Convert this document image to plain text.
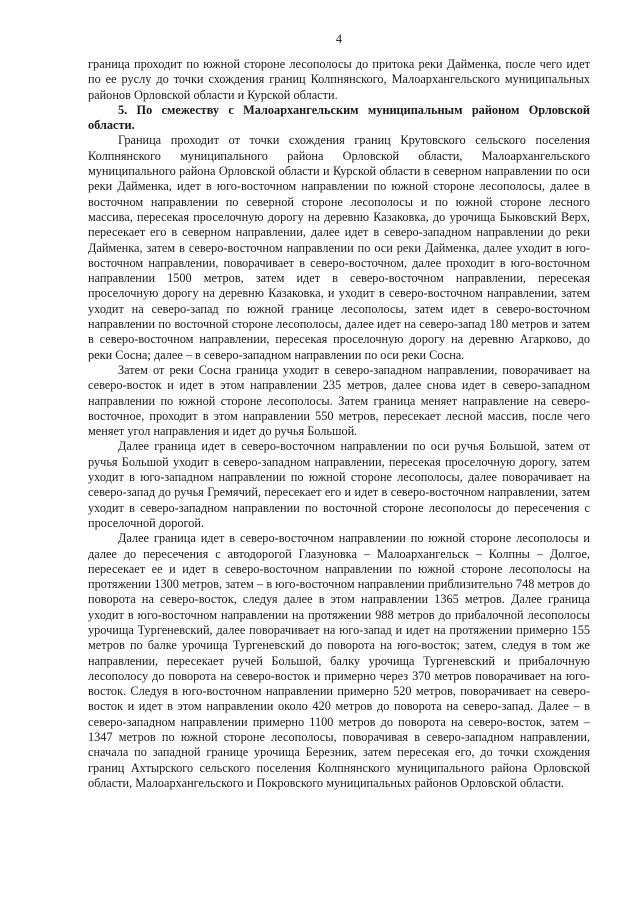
4

граница проходит по южной стороне лесополосы до притока реки Дайменка, после чего идет по ее руслу до точки схождения границ Колпнянского, Малоархангельского муниципальных районов Орловской области и Курской области.

5. По смежеству с Малоархангельским муниципальным районом Орловской области.

Граница проходит от точки схождения границ Крутовского сельского поселения Колпнянского муниципального района Орловской области, Малоархангельского муниципального района Орловской области и Курской области в северном направлении по оси реки Дайменка, идет в юго-восточном направлении по южной стороне лесополосы, далее в восточном направлении по северной стороне лесополосы и по южной стороне лесного массива, пересекая проселочную дорогу на деревню Казаковка, до урочища Быковский Верх, пересекает его в северном направлении, далее идет в северо-западном направлении до реки Дайменка, затем в северо-восточном направлении по оси реки Дайменка, далее уходит в юго-восточном направлении, поворачивает в северо-восточном, далее проходит в юго-восточном направлении 1500 метров, затем идет в северо-восточном направлении, пересекая проселочную дорогу на деревню Казаковка, и уходит в северо-восточном направлении, затем уходит на северо-запад по южной границе лесополосы, затем идет в северо-восточном направлении по восточной стороне лесополосы, далее идет на северо-запад 180 метров и затем в северо-восточном направлении, пересекая проселочную дорогу на деревню Агарково, до реки Сосна; далее – в северо-западном направлении по оси реки Сосна.

Затем от реки Сосна граница уходит в северо-западном направлении, поворачивает на северо-восток и идет в этом направлении 235 метров, далее снова идет в северо-западном направлении по южной стороне лесополосы. Затем граница меняет направление на северо-восточное, проходит в этом направлении 550 метров, пересекает лесной массив, после чего меняет угол направления и идет до ручья Большой.

Далее граница идет в северо-восточном направлении по оси ручья Большой, затем от ручья Большой уходит в северо-западном направлении, пересекая проселочную дорогу, затем уходит в юго-западном направлении по южной стороне лесополосы, далее поворачивает на северо-запад до ручья Гремячий, пересекает его и идет в северо-восточном направлении, затем уходит в северо-западном направлении по восточной стороне лесополосы до пересечения с проселочной дорогой.

Далее граница идет в северо-восточном направлении по южной стороне лесополосы и далее до пересечения с автодорогой Глазуновка – Малоархангельск – Колпны – Долгое, пересекает ее и идет в северо-восточном направлении по южной стороне лесополосы на протяжении 1300 метров, затем – в юго-восточном направлении приблизительно 748 метров до поворота на северо-восток, следуя далее в этом направлении 1365 метров. Далее граница уходит в юго-восточном направлении на протяжении 988 метров до прибалочной лесополосы урочища Тургеневский, далее поворачивает на юго-запад и идет на протяжении примерно 155 метров по балке урочища Тургеневский до поворота на юго-восток; затем, следуя в том же направлении, пересекает ручей Большой, балку урочища Тургеневский и прибалочную лесополосу до поворота на северо-восток и примерно через 370 метров поворачивает на юго-восток. Следуя в юго-восточном направлении примерно 520 метров, поворачивает на северо-восток и идет в этом направлении около 420 метров до поворота на северо-запад. Далее – в северо-западном направлении примерно 1100 метров до поворота на северо-восток, затем – 1347 метров по южной стороне лесополосы, поворачивая в северо-западном направлении, сначала по западной границе урочища Березник, затем пересекая его, до точки схождения границ Ахтырского сельского поселения Колпнянского муниципального района Орловской области, Малоархангельского и Покровского муниципальных районов Орловской области.
